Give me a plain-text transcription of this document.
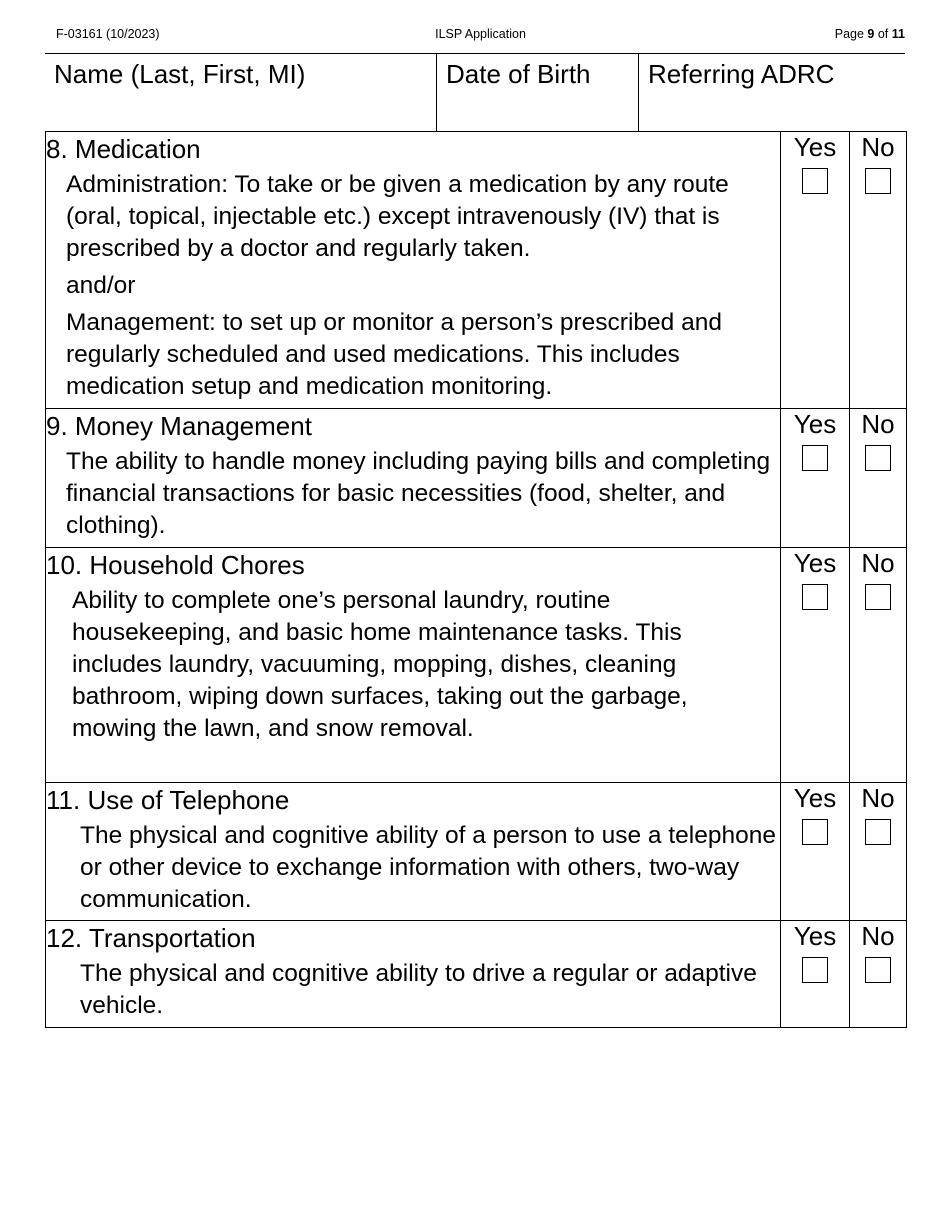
F-03161 (10/2023)	ILSP Application	Page 9 of 11
Name (Last, First, MI)	Date of Birth	Referring ADRC
8. Medication
Administration: To take or be given a medication by any route (oral, topical, injectable etc.) except intravenously (IV) that is prescribed by a doctor and regularly taken.
and/or
Management: to set up or monitor a person’s prescribed and regularly scheduled and used medications. This includes medication setup and medication monitoring.	Yes	No

9. Money Management
The ability to handle money including paying bills and completing financial transactions for basic necessities (food, shelter, and clothing).	Yes	No

10. Household Chores
Ability to complete one’s personal laundry, routine housekeeping, and basic home maintenance tasks. This includes laundry, vacuuming, mopping, dishes, cleaning bathroom, wiping down surfaces, taking out the garbage, mowing the lawn, and snow removal.	Yes	No

11. Use of Telephone
The physical and cognitive ability of a person to use a telephone or other device to exchange information with others, two-way communication.	Yes	No

12. Transportation
The physical and cognitive ability to drive a regular or adaptive vehicle.	Yes	No
